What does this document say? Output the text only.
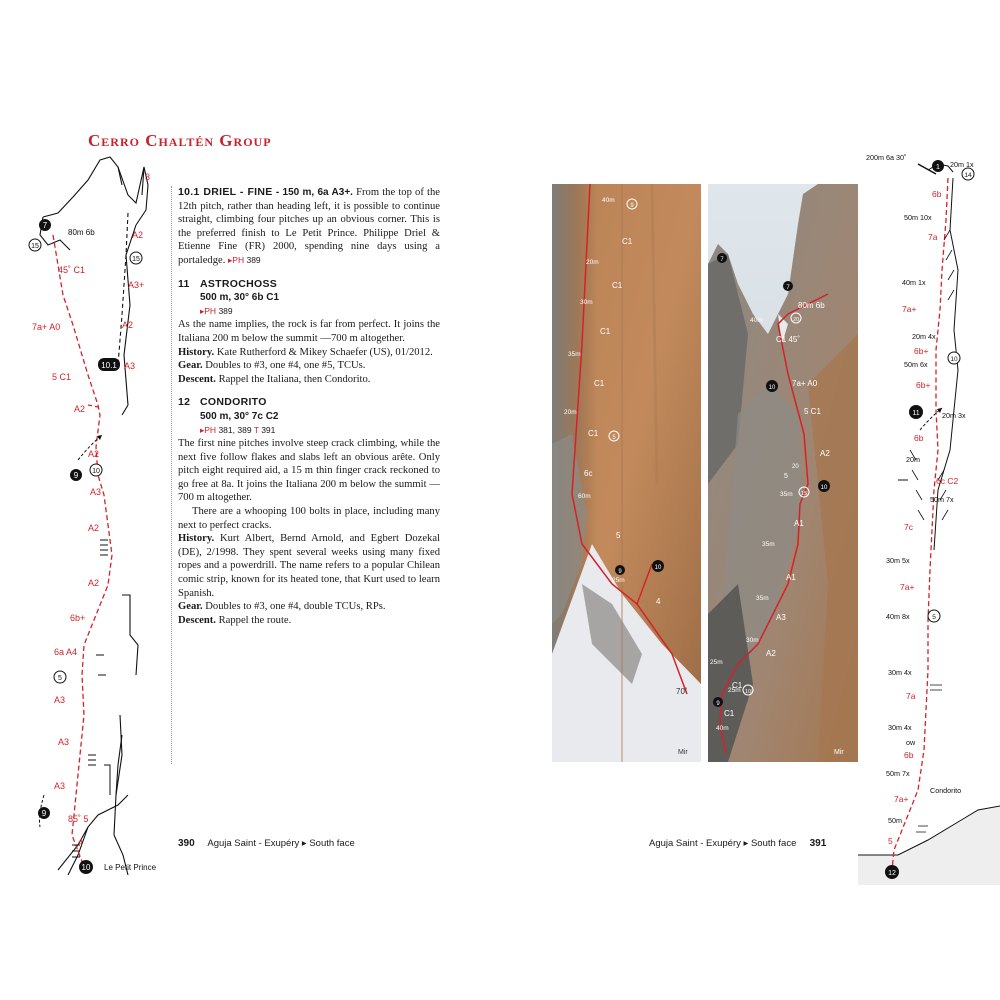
Cerro Chaltén Group
7
15
15
10.1
9 10
5
9
10
3
80m 6b	A2
A3+
45˚ C1
7a+ A0	A2
A3
5 C1
A2
A2
A3
A2
A2
6b+
6a A4
A3
A3
A3
85˚ 5
4
Le Petit Prince

10.1 DRIEL - FINE - 150 m, 6a A3+. From the top of the 12th pitch, rather than heading left, it is possible to continue straight, climbing four pitches up an obvious corner. This is the preferred finish to Le Petit Prince. Philippe Driel & Etienne Fine (FR) 2000, spending nine days using a portaledge. ▸PH 389

11 ASTROCHOSS
500 m, 30° 6b C1
▸PH 389

As the name implies, the rock is far from perfect. It joins the Italiana 200 m below the summit —700 m altogether.

History. Kate Rutherford & Mikey Schaefer (US), 01/2012.

Gear. Doubles to #3, one #4, one #5, TCUs.

Descent. Rappel the Italiana, then Condorito.

12 CONDORITO
500 m, 30° 7c C2
▸PH 381, 389 T 391

The first nine pitches involve steep crack climbing, while the next five follow flakes and slabs left an obvious arête. Only pitch eight required aid, a 15 m thin finger crack reckoned to go free at 8a. It joins the Italiana 200 m below the summit —700 m altogether.

There are a whooping 100 bolts in place, including many next to perfect cracks.

History. Kurt Albert, Bernd Arnold, and Egbert Dozekal (DE), 2/1998. They spent several weeks using many fixed ropes and a powerdrill. The name refers to a popular Chilean comic strip, known for its heated tone, that Kurt used to learn Spanish.

Gear. Doubles to #3, one #4, double TCUs, RPs.

Descent. Rappel the route.

390 Aguja Saint - Exupéry ▸ South face	Aguja Saint - Exupéry ▸ South face 391
40m
C1
20m
C1
30m
C1
35m
C1
20m
C1
6c
60m
5
25m
4
9
5
9
10
70˚
Mir
80m 6b
40m
C1 45˚
7a+ A0
5 C1
A2
35m
5
A1
35m
A1
35m
A3
30m
A2
25m
C1
25m
C1
40m
7
7
20
10
20
15
10
10
9
Mir
1
14
10
11
5
12
200m 6a 30˚
20m 1x
6b
50m 10x
7a
40m 1x
7a+
20m 4x
6b+
50m 6x
6b+
20m 3x
6b
20m
6c C2
50m 7x
7c
30m 5x
7a+
40m 8x
30m 4x
7a
30m 4x
ow
6b
50m 7x
Condorito
7a+
50m
5
